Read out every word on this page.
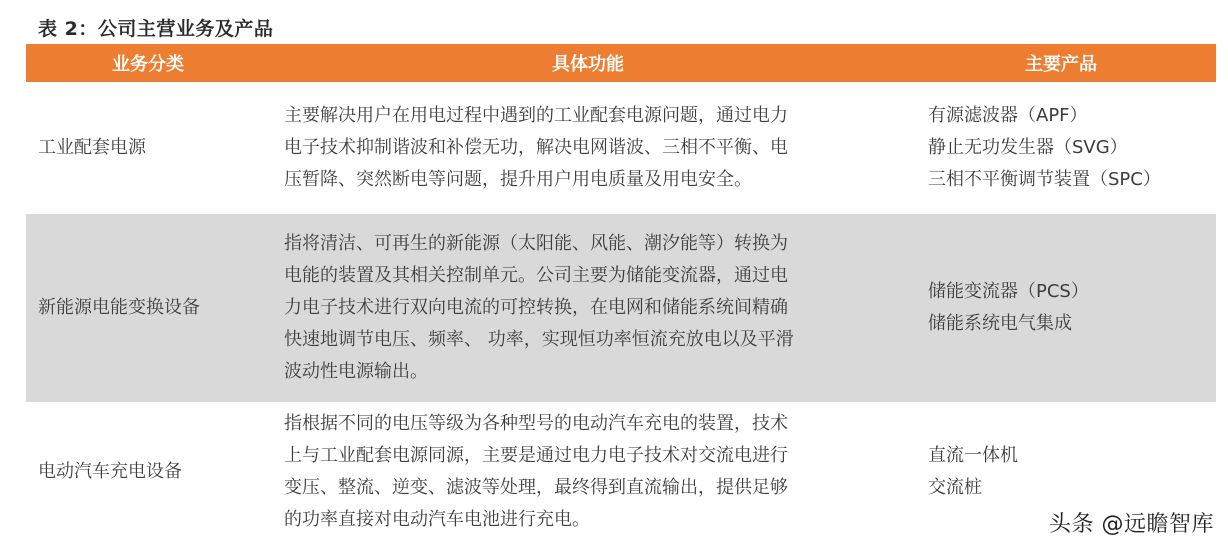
表 2：公司主营业务及产品
业务分类	具体功能	主要产品
工业配套电源
主要解决用户在用电过程中遇到的工业配套电源问题，通过电力
电子技术抑制谐波和补偿无功，解决电网谐波、三相不平衡、电
压暂降、突然断电等问题，提升用户用电质量及用电安全。
有源滤波器（APF）
静止无功发生器（SVG）
三相不平衡调节装置（SPC）
新能源电能变换设备
指将清洁、可再生的新能源（太阳能、风能、潮汐能等）转换为
电能的装置及其相关控制单元。公司主要为储能变流器，通过电
力电子技术进行双向电流的可控转换，在电网和储能系统间精确
快速地调节电压、频率、 功率，实现恒功率恒流充放电以及平滑
波动性电源输出。
储能变流器（PCS）
储能系统电气集成
电动汽车充电设备
指根据不同的电压等级为各种型号的电动汽车充电的装置，技术
上与工业配套电源同源，主要是通过电力电子技术对交流电进行
变压、整流、逆变、滤波等处理，最终得到直流输出，提供足够
的功率直接对电动汽车电池进行充电。
直流一体机
交流桩
头条 @远瞻智库
